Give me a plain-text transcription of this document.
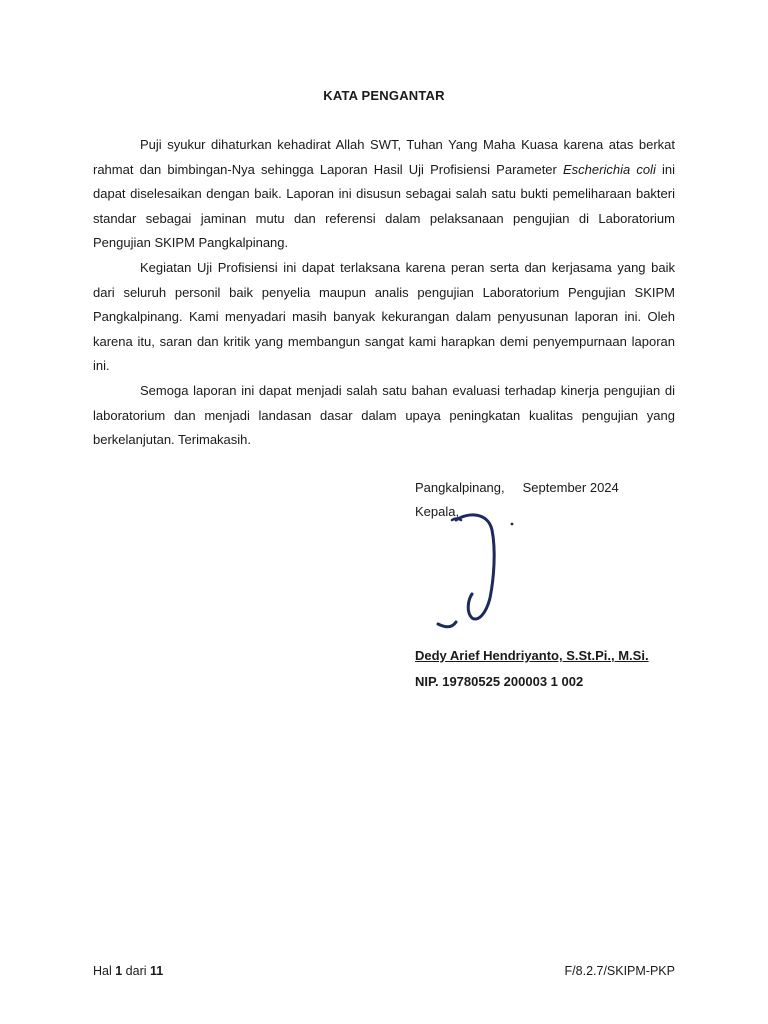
KATA PENGANTAR

Puji syukur dihaturkan kehadirat Allah SWT, Tuhan Yang Maha Kuasa karena atas berkat rahmat dan bimbingan-Nya sehingga Laporan Hasil Uji Profisiensi Parameter Escherichia coli ini dapat diselesaikan dengan baik. Laporan ini disusun sebagai salah satu bukti pemeliharaan bakteri standar sebagai jaminan mutu dan referensi dalam pelaksanaan pengujian di Laboratorium Pengujian SKIPM Pangkalpinang.

Kegiatan Uji Profisiensi ini dapat terlaksana karena peran serta dan kerjasama yang baik dari seluruh personil baik penyelia maupun analis pengujian Laboratorium Pengujian SKIPM Pangkalpinang. Kami menyadari masih banyak kekurangan dalam penyusunan laporan ini. Oleh karena itu, saran dan kritik yang membangun sangat kami harapkan demi penyempurnaan laporan ini.

Semoga laporan ini dapat menjadi salah satu bahan evaluasi terhadap kinerja pengujian di laboratorium dan menjadi landasan dasar dalam upaya peningkatan kualitas pengujian yang berkelanjutan. Terimakasih.

Pangkalpinang, September 2024
Kepala,
Dedy Arief Hendriyanto, S.St.Pi., M.Si.
NIP. 19780525 200003 1 002
Hal 1 dari 11	F/8.2.7/SKIPM-PKP
